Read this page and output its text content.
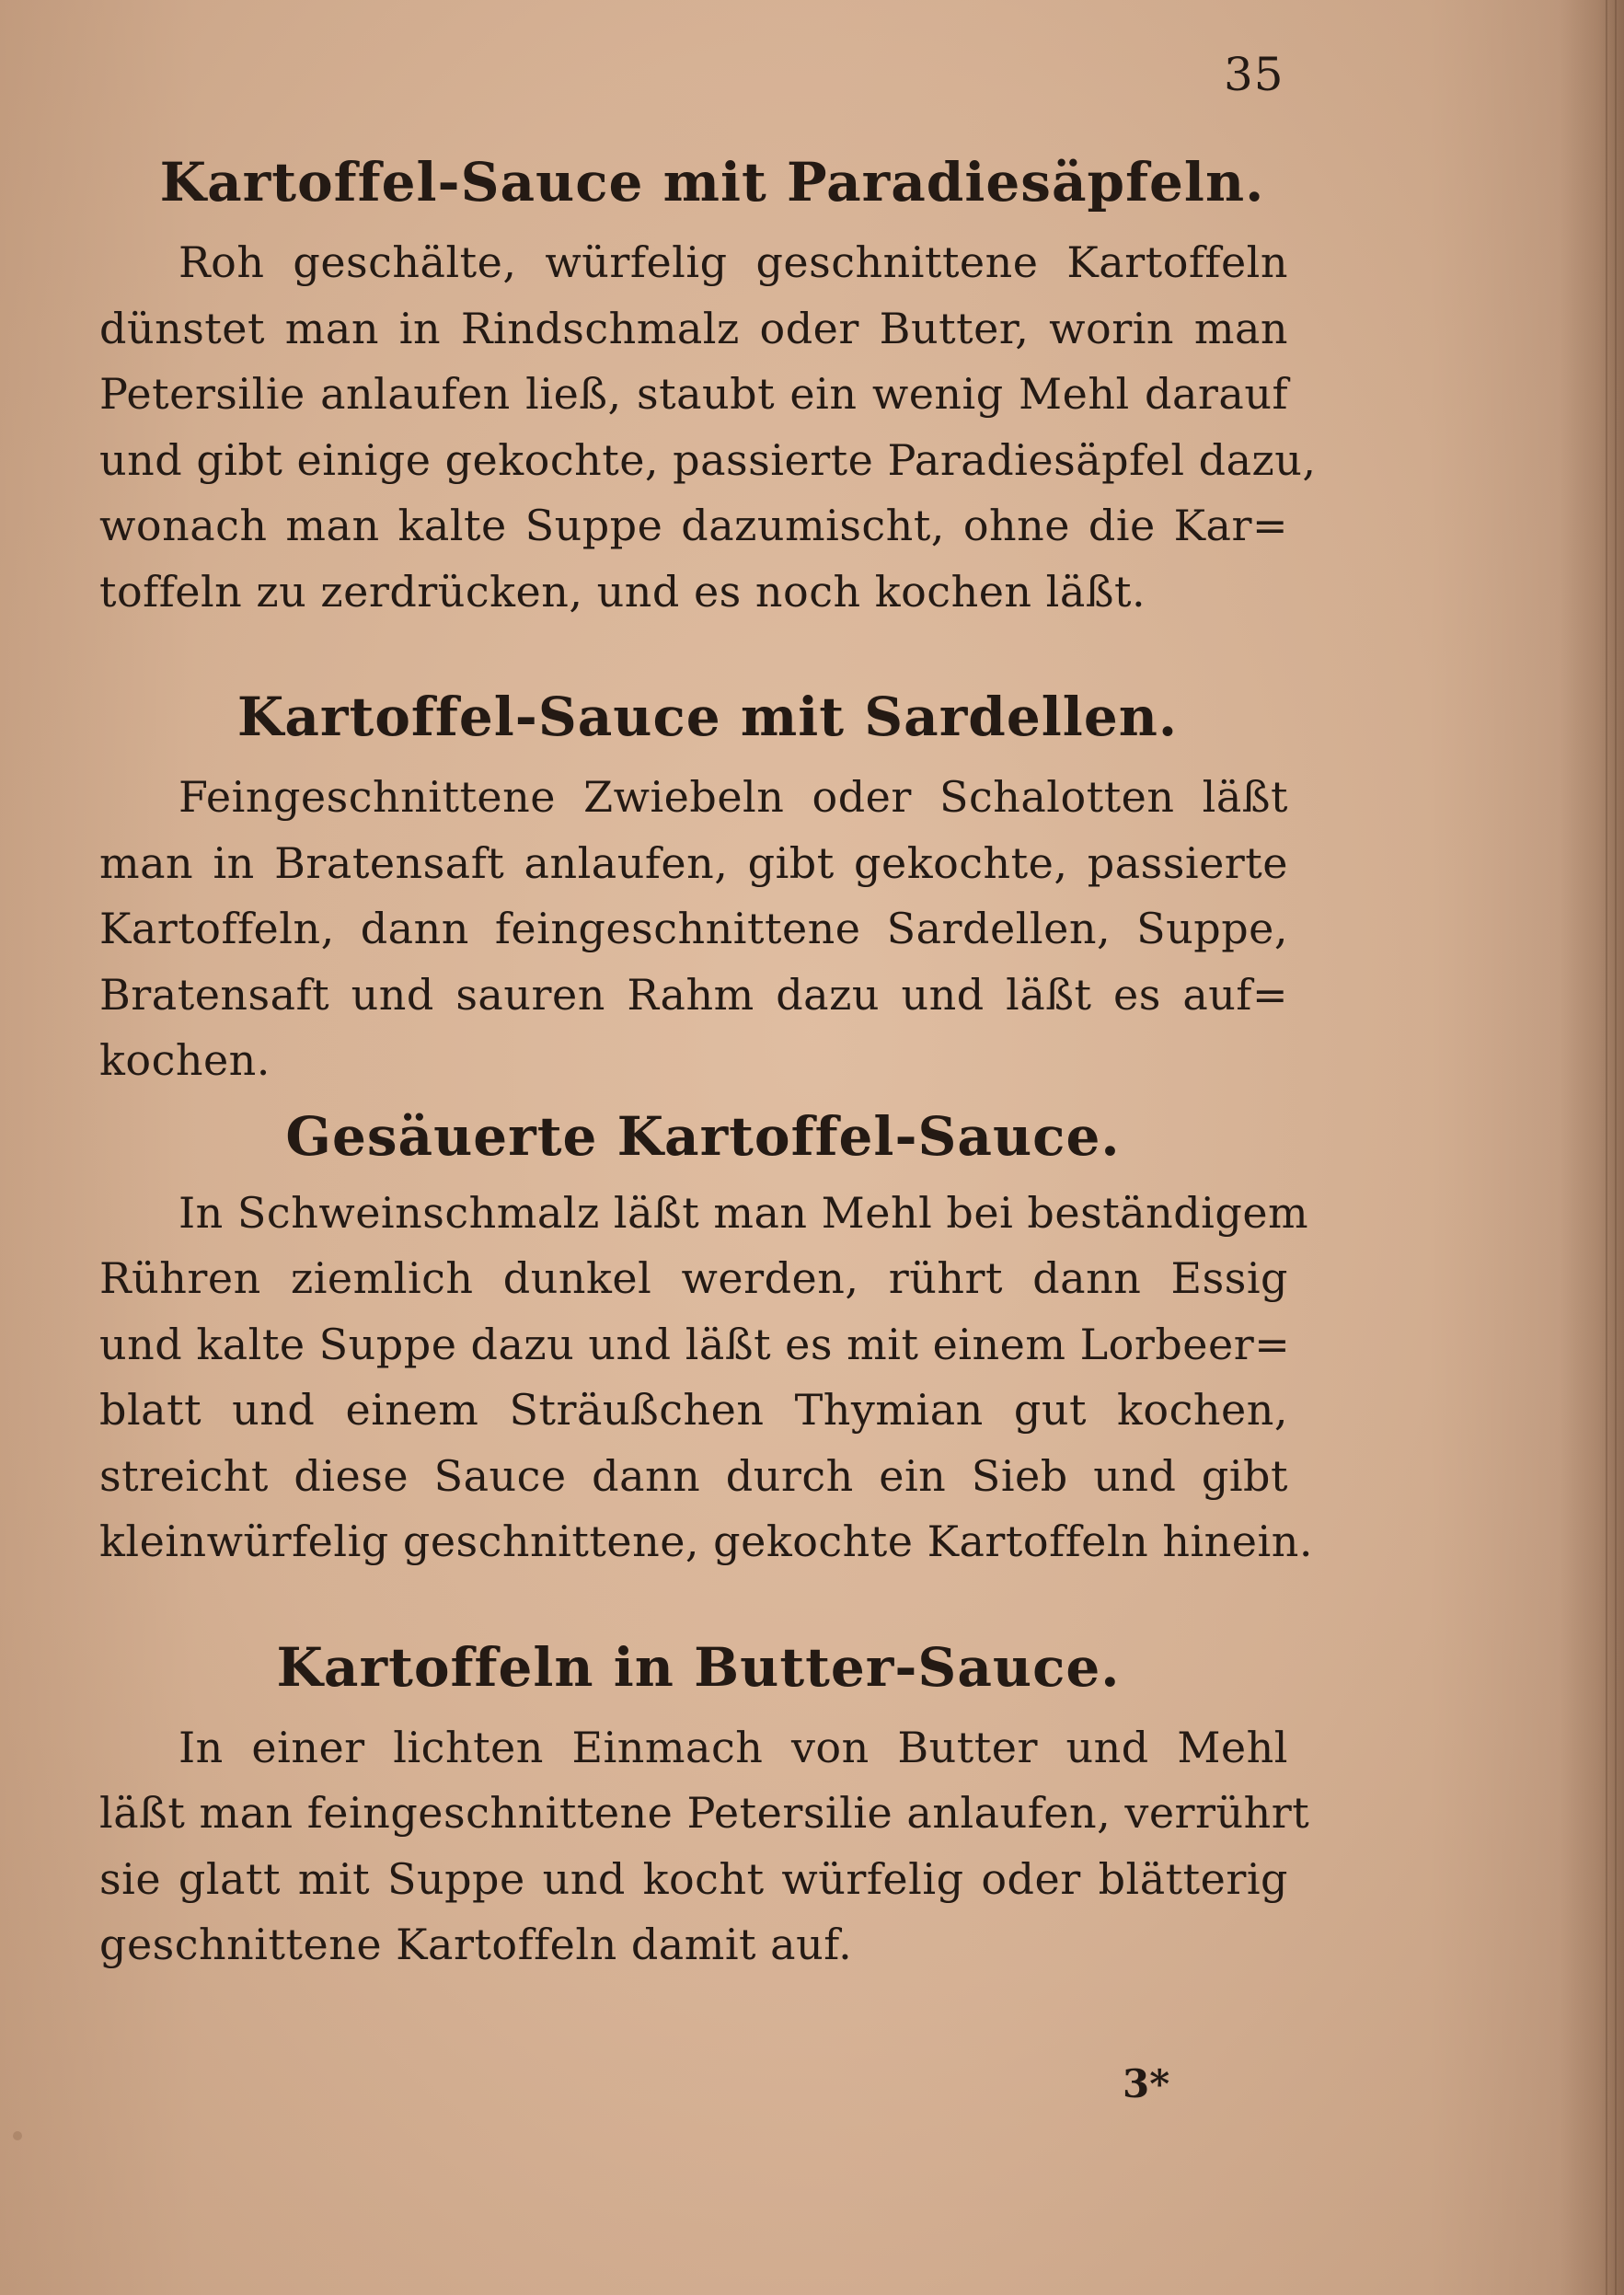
35
Kartoffel-Sauce mit Paradiesäpfeln.
Roh geschälte, würfelig geschnittene Kartoffeln
dünstet man in Rindschmalz oder Butter, worin man
Petersilie anlaufen ließ, staubt ein wenig Mehl darauf
und gibt einige gekochte, passierte Paradiesäpfel dazu,
wonach man kalte Suppe dazumischt, ohne die Kar=
toffeln zu zerdrücken, und es noch kochen läßt.
Kartoffel-Sauce mit Sardellen.
Feingeschnittene Zwiebeln oder Schalotten läßt
man in Bratensaft anlaufen, gibt gekochte, passierte
Kartoffeln, dann feingeschnittene Sardellen, Suppe,
Bratensaft und sauren Rahm dazu und läßt es auf=
kochen.
Gesäuerte Kartoffel-Sauce.
In Schweinschmalz läßt man Mehl bei beständigem
Rühren ziemlich dunkel werden, rührt dann Essig
und kalte Suppe dazu und läßt es mit einem Lorbeer=
blatt und einem Sträußchen Thymian gut kochen,
streicht diese Sauce dann durch ein Sieb und gibt
kleinwürfelig geschnittene, gekochte Kartoffeln hinein.
Kartoffeln in Butter-Sauce.
In einer lichten Einmach von Butter und Mehl
läßt man feingeschnittene Petersilie anlaufen, verrührt
sie glatt mit Suppe und kocht würfelig oder blätterig
geschnittene Kartoffeln damit auf.
3*
